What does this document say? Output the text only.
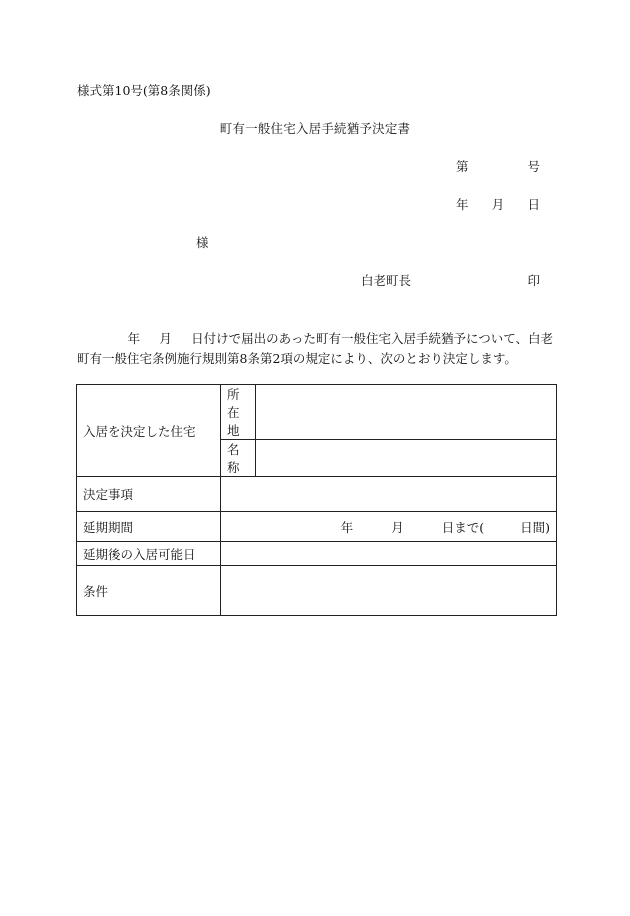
様式第10号(第8条関係)
町有一般住宅入居手続猶予決定書
第	号
年 月 日
様
白老町長	印
年 月 日付けで届出のあった町有一般住宅入居手続猶予について、白老
町有一般住宅条例施行規則第8条第2項の規定により、次のとおり決定します。
入居を決定した住宅	所在地	
	名　称	
決定事項		
延期期間	年 月 日まで( 日間)	

延期後の入居可能日		
条件		
